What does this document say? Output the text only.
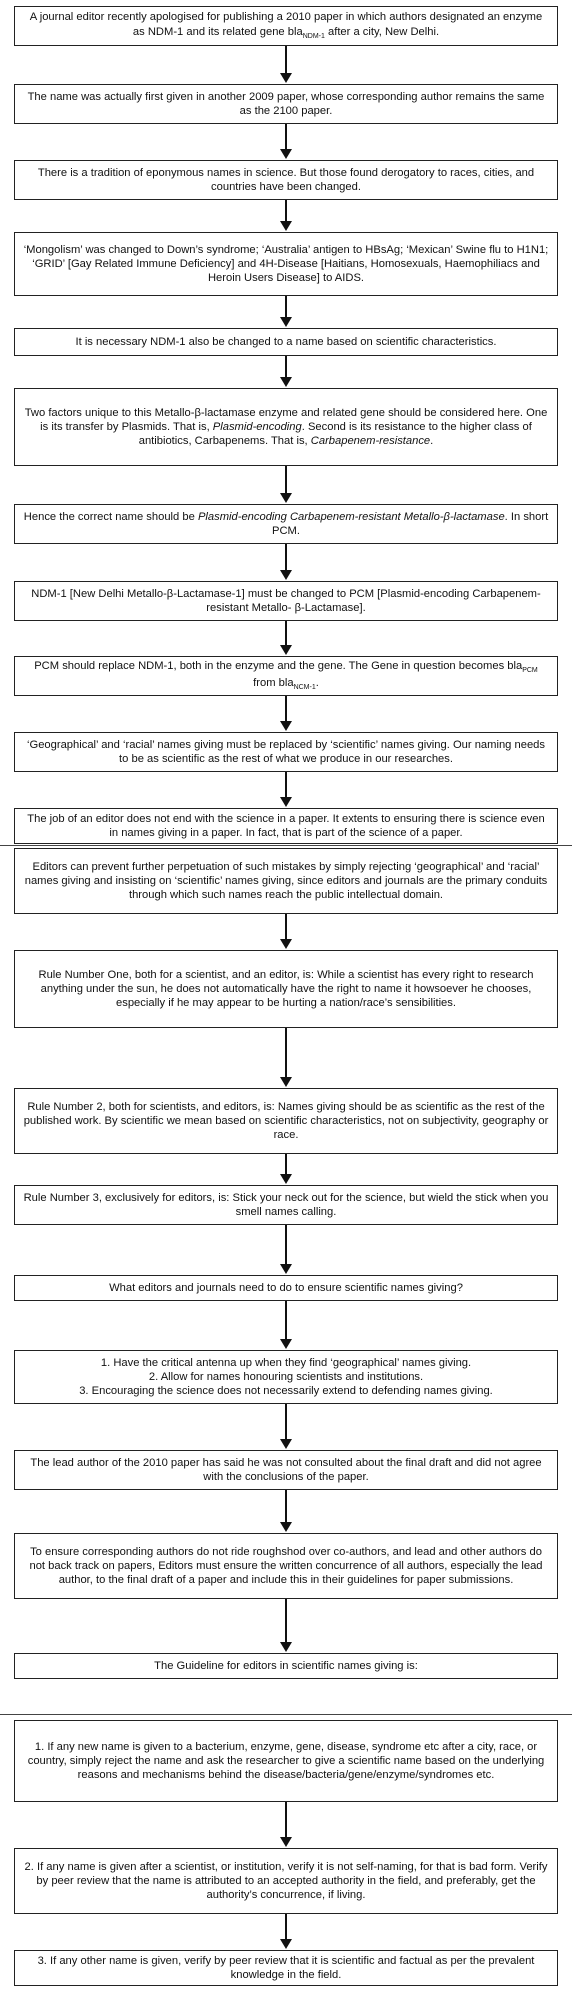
A journal editor recently apologised for publishing a 2010 paper in which authors designated an enzyme as NDM-1 and its related gene bla$_{NDM-1}$ after a city, New Delhi.

The name was actually first given in another 2009 paper, whose corresponding author remains the same as the 2100 paper.

There is a tradition of eponymous names in science. But those found derogatory to races, cities, and countries have been changed.

‘Mongolism’ was changed to Down’s syndrome; ‘Australia’ antigen to HBsAg; ‘Mexican’ Swine flu to H1N1; ‘GRID’ [Gay Related Immune Deficiency] and 4H-Disease [Haitians, Homosexuals, Haemophiliacs and Heroin Users Disease] to AIDS.

It is necessary NDM-1 also be changed to a name based on scientific characteristics.

Two factors unique to this Metallo-β-lactamase enzyme and related gene should be considered here. One is its transfer by Plasmids. That is, Plasmid-encoding. Second is its resistance to the higher class of antibiotics, Carbapenems. That is, Carbapenem-resistance.

Hence the correct name should be Plasmid-encoding Carbapenem-resistant Metallo-β-lactamase. In short PCM.

NDM-1 [New Delhi Metallo-β-Lactamase-1] must be changed to PCM [Plasmid-encoding Carbapenem-resistant Metallo- β-Lactamase].

PCM should replace NDM-1, both in the enzyme and the gene. The Gene in question becomes bla$_{PCM}$ from bla$_{NCM-1}$.

‘Geographical’ and ‘racial’ names giving must be replaced by ‘scientific’ names giving. Our naming needs to be as scientific as the rest of what we produce in our researches.

The job of an editor does not end with the science in a paper. It extents to ensuring there is science even in names giving in a paper. In fact, that is part of the science of a paper.

Editors can prevent further perpetuation of such mistakes by simply rejecting ‘geographical’ and ‘racial’ names giving and insisting on ‘scientific’ names giving, since editors and journals are the primary conduits through which such names reach the public intellectual domain.

Rule Number One, both for a scientist, and an editor, is: While a scientist has every right to research anything under the sun, he does not automatically have the right to name it howsoever he chooses, especially if he may appear to be hurting a nation/race’s sensibilities.

Rule Number 2, both for scientists, and editors, is: Names giving should be as scientific as the rest of the published work. By scientific we mean based on scientific characteristics, not on subjectivity, geography or race.

Rule Number 3, exclusively for editors, is: Stick your neck out for the science, but wield the stick when you smell names calling.

What editors and journals need to do to ensure scientific names giving?

1. Have the critical antenna up when they find ‘geographical’ names giving.
2. Allow for names honouring scientists and institutions.
3. Encouraging the science does not necessarily extend to defending names giving.

The lead author of the 2010 paper has said he was not consulted about the final draft and did not agree with the conclusions of the paper.

To ensure corresponding authors do not ride roughshod over co-authors, and lead and other authors do not back track on papers, Editors must ensure the written concurrence of all authors, especially the lead author, to the final draft of a paper and include this in their guidelines for paper submissions.

The Guideline for editors in scientific names giving is:

1. If any new name is given to a bacterium, enzyme, gene, disease, syndrome etc after a city, race, or country, simply reject the name and ask the researcher to give a scientific name based on the underlying reasons and mechanisms behind the disease/bacteria/gene/enzyme/syndromes etc.

2. If any name is given after a scientist, or institution, verify it is not self-naming, for that is bad form. Verify by peer review that the name is attributed to an accepted authority in the field, and preferably, get the authority’s concurrence, if living.

3. If any other name is given, verify by peer review that it is scientific and factual as per the prevalent knowledge in the field.
